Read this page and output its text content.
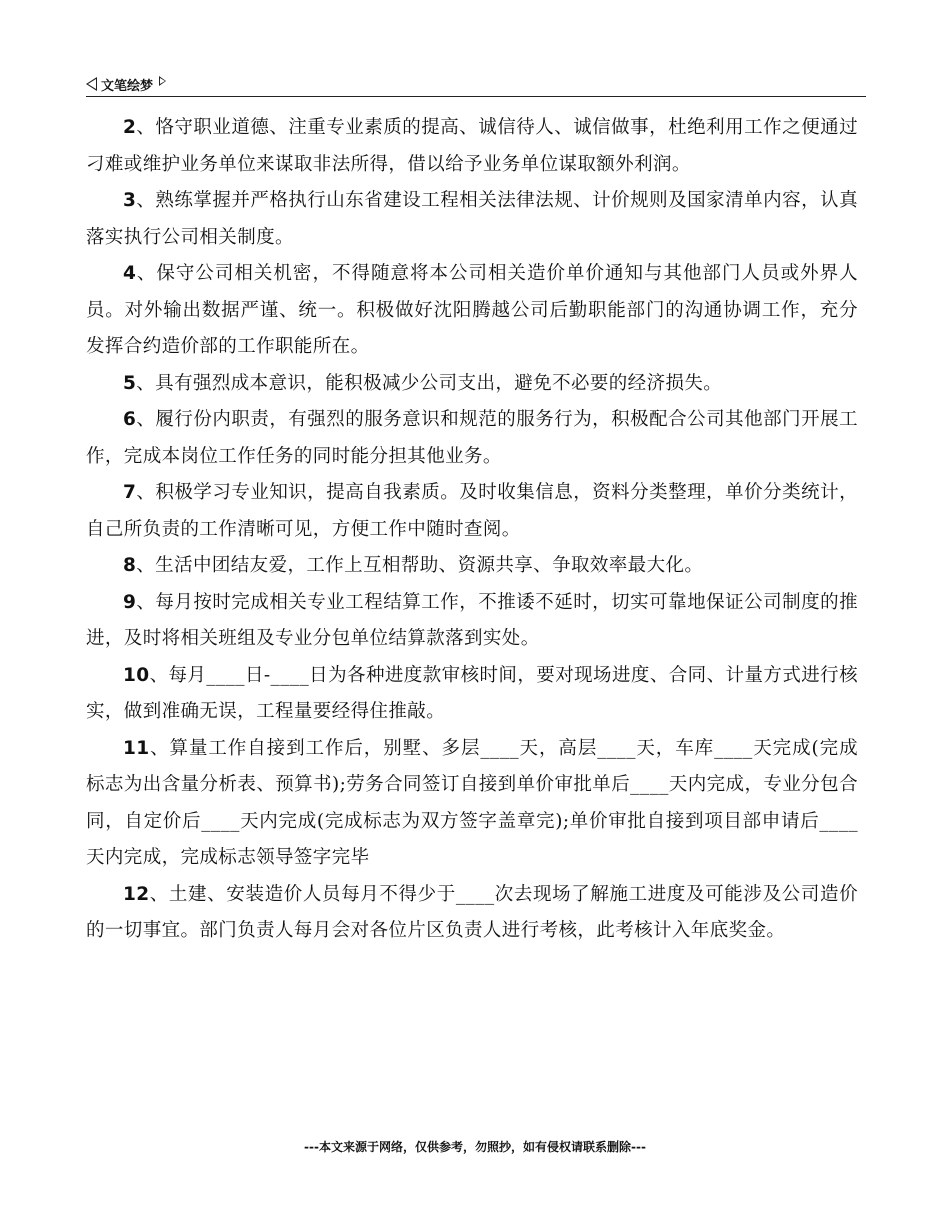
文笔绘梦

2、恪守职业道德、注重专业素质的提高、诚信待人、诚信做事，杜绝利用工作之便通过刁难或维护业务单位来谋取非法所得，借以给予业务单位谋取额外利润。

3、熟练掌握并严格执行山东省建设工程相关法律法规、计价规则及国家清单内容，认真落实执行公司相关制度。

4、保守公司相关机密，不得随意将本公司相关造价单价通知与其他部门人员或外界人员。对外输出数据严谨、统一。积极做好沈阳腾越公司后勤职能部门的沟通协调工作，充分发挥合约造价部的工作职能所在。

5、具有强烈成本意识，能积极减少公司支出，避免不必要的经济损失。

6、履行份内职责，有强烈的服务意识和规范的服务行为，积极配合公司其他部门开展工作，完成本岗位工作任务的同时能分担其他业务。

7、积极学习专业知识，提高自我素质。及时收集信息，资料分类整理，单价分类统计，自己所负责的工作清晰可见，方便工作中随时查阅。

8、生活中团结友爱，工作上互相帮助、资源共享、争取效率最大化。

9、每月按时完成相关专业工程结算工作，不推诿不延时，切实可靠地保证公司制度的推进，及时将相关班组及专业分包单位结算款落到实处。

10、每月____日-____日为各种进度款审核时间，要对现场进度、合同、计量方式进行核实，做到准确无误，工程量要经得住推敲。

11、算量工作自接到工作后，别墅、多层____天，高层____天，车库____天完成(完成标志为出含量分析表、预算书);劳务合同签订自接到单价审批单后____天内完成，专业分包合同，自定价后____天内完成(完成标志为双方签字盖章完);单价审批自接到项目部申请后____天内完成，完成标志领导签字完毕

12、土建、安装造价人员每月不得少于____次去现场了解施工进度及可能涉及公司造价的一切事宜。部门负责人每月会对各位片区负责人进行考核，此考核计入年底奖金。

---本文来源于网络，仅供参考，勿照抄，如有侵权请联系删除---
